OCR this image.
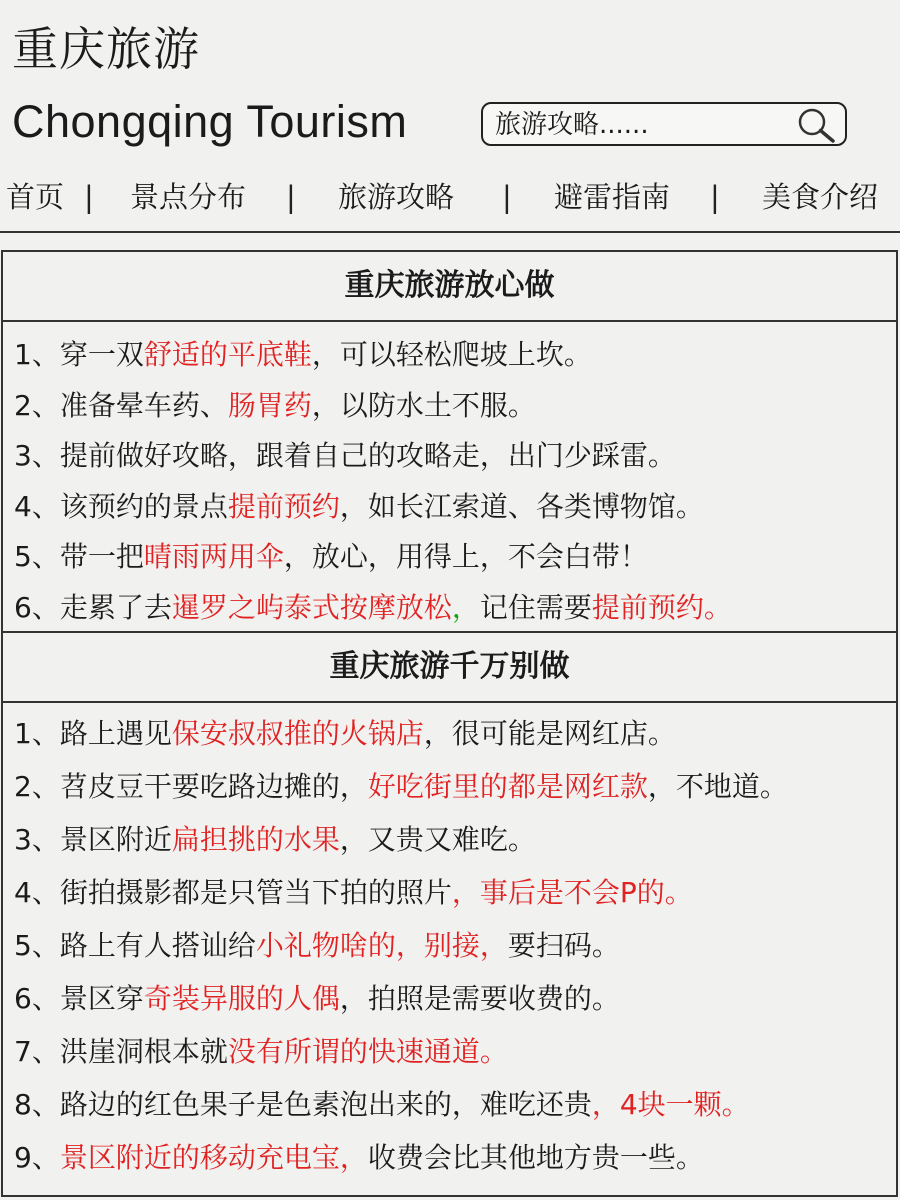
重庆旅游
Chongqing Tourism	旅游攻略......
首页 | 景点分布 | 旅游攻略 | 避雷指南 | 美食介绍
重庆旅游放心做
1、穿一双舒适的平底鞋，可以轻松爬坡上坎。
2、准备晕车药、肠胃药，以防水土不服。
3、提前做好攻略，跟着自己的攻略走，出门少踩雷。
4、该预约的景点提前预约，如长江索道、各类博物馆。
5、带一把晴雨两用伞，放心，用得上，不会白带！
6、走累了去暹罗之屿泰式按摩放松，记住需要提前预约。
重庆旅游千万别做
1、路上遇见保安叔叔推的火锅店，很可能是网红店。
2、苕皮豆干要吃路边摊的，好吃街里的都是网红款，不地道。
3、景区附近扁担挑的水果，又贵又难吃。
4、街拍摄影都是只管当下拍的照片，事后是不会P的。
5、路上有人搭讪给小礼物啥的，别接，要扫码。
6、景区穿奇装异服的人偶，拍照是需要收费的。
7、洪崖洞根本就没有所谓的快速通道。
8、路边的红色果子是色素泡出来的，难吃还贵，4块一颗。
9、景区附近的移动充电宝，收费会比其他地方贵一些。
